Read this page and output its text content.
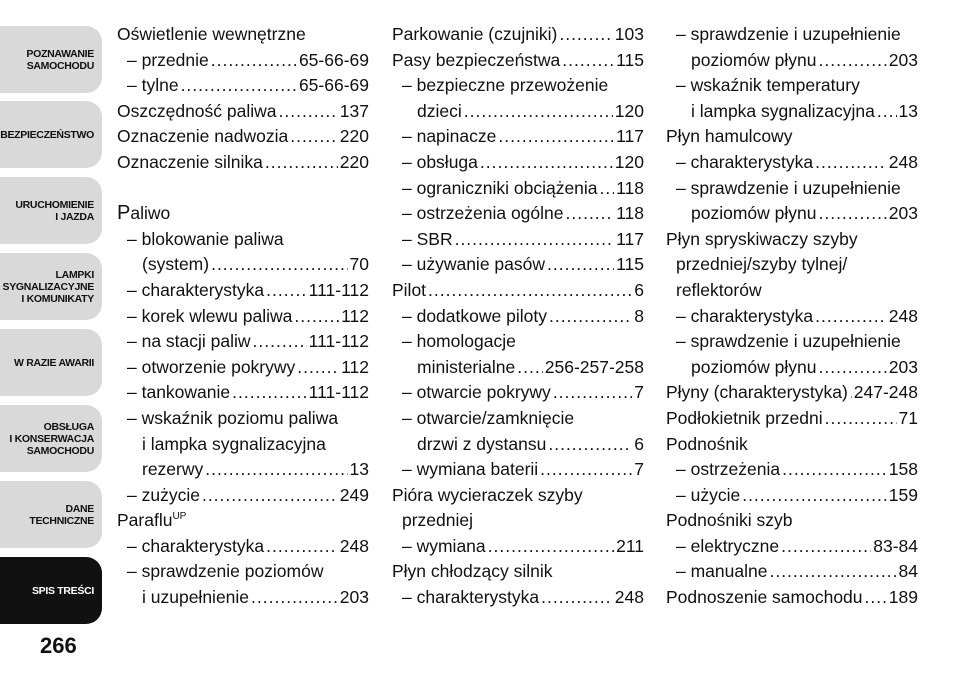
POZNAWANIE
SAMOCHODU
BEZPIECZEŃSTWO
URUCHOMIENIE
I JAZDA
LAMPKI
SYGNALIZACYJNE
I KOMUNIKATY
W RAZIE AWARII
OBSŁUGA
I KONSERWACJA
SAMOCHODU
DANE
TECHNICZNE
SPIS TREŚCI
266
Oświetlenie wewnętrzne
– przednie .....	65-66-69
– tylne .....	65-66-69
Oszczędność paliwa .....	137
Oznaczenie nadwozia .....	220
Oznaczenie silnika .....	220
Paliwo
– blokowanie paliwa
(system) .....	70
– charakterystyka .....	111-112
– korek wlewu paliwa .....	112
– na stacji paliw .....	111-112
– otworzenie pokrywy .....	112
– tankowanie .....	111-112
– wskaźnik poziomu paliwa
i lampka sygnalizacyjna
rezerwy .....	13
– zużycie .....	249
Paraflu$^{UP}$
– charakterystyka .....	248
– sprawdzenie poziomów
i uzupełnienie .....	203
Parkowanie (czujniki) .....	103
Pasy bezpieczeństwa .....	115
– bezpieczne przewożenie
dzieci .....	120
– napinacze .....	117
– obsługa .....	120
– ograniczniki obciążenia ..... 118
– ostrzeżenia ogólne .....	118
– SBR .....	117
– używanie pasów .....	115
Pilot .....	6
– dodatkowe piloty .....	8
– homologacje
ministerialne ..... 256-257-258
– otwarcie pokrywy .....	7
– otwarcie/zamknięcie
drzwi z dystansu .....	6
– wymiana baterii .....	7
Pióra wycieraczek szyby
przedniej
– wymiana .....	211
Płyn chłodzący silnik
– charakterystyka .....	248
– sprawdzenie i uzupełnienie
poziomów płynu .....	203
– wskaźnik temperatury
i lampka sygnalizacyjna ..... 13
Płyn hamulcowy
– charakterystyka .....	248
– sprawdzenie i uzupełnienie
poziomów płynu .....	203
Płyn spryskiwaczy szyby
przedniej/szyby tylnej/
reflektorów
– charakterystyka .....	248
– sprawdzenie i uzupełnienie
poziomów płynu .....	203
Płyny (charakterystyka) ..... 247-248
Podłokietnik przedni .....	71
Podnośnik
– ostrzeżenia .....	158
– użycie .....	159
Podnośniki szyb
– elektryczne .....	83-84
– manualne .....	84
Podnoszenie samochodu ..... 189
